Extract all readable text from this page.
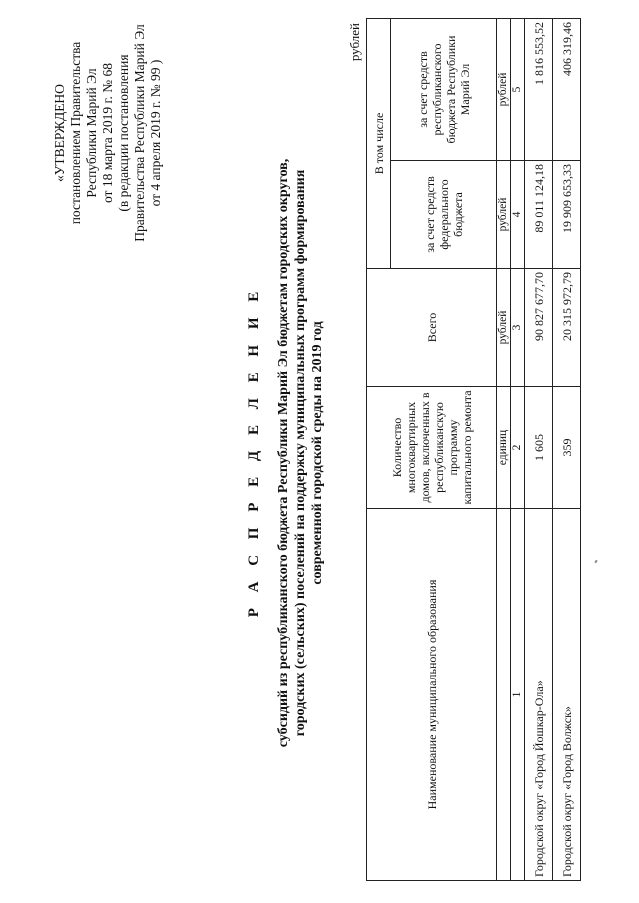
«УТВЕРЖДЕНО постановлением Правительства Республики Марий Эл от 18 марта 2019 г. № 68 (в редакции постановления Правительства Республики Марий Эл от 4 апреля 2019 г. № 99 )
Р А С П Р Е Д Е Л Е Н И Е субсидий из республиканского бюджета Республики Марий Эл бюджетам городских округов, городских (сельских) поселений на поддержку муниципальных программ формирования современной городской среды на 2019 год
рублей
Наименование муниципального образования	Количество многоквартирных домов, включенных в республиканскую программу капитального ремонта	Всего	В том числе	
			за счет средств федерального бюджета	за счет средств республиканского бюджета Республики Марий Эл
	единиц	рублей	рублей	рублей
1	2	3	4	5
Городской округ «Город Йошкар-Ола»	1 605	90 827 677,70	89 011 124,18	1 816 553,52
Городской округ «Город Волжск»	359	20 315 972,79	19 909 653,33	406 319,46
